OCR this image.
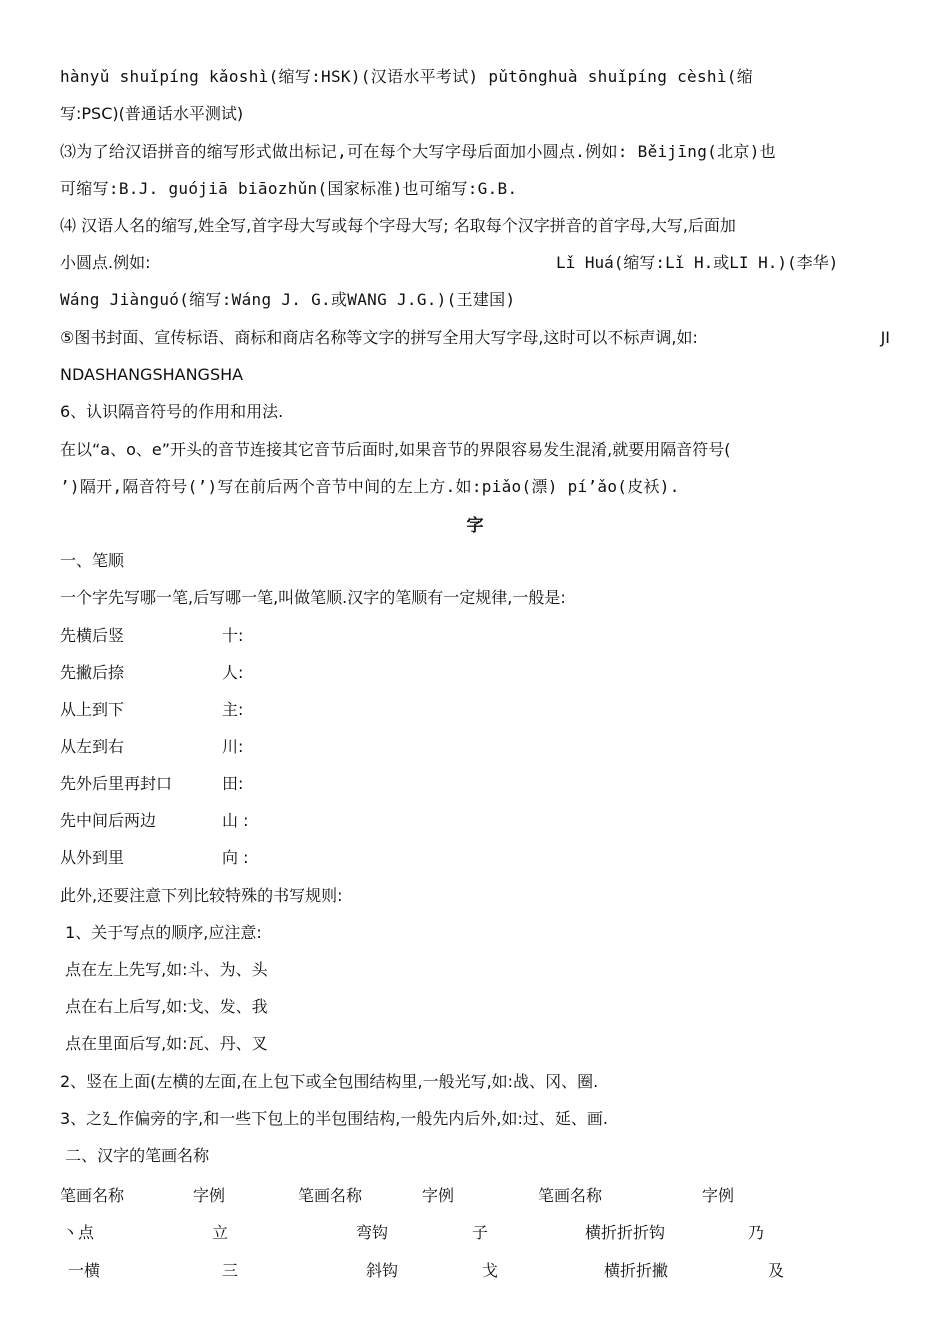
hànyǔ shuǐpíng kǎoshì(缩写:HSK)(汉语水平考试) pǔtōnghuà shuǐpíng cèshì(缩
写:PSC)(普通话水平测试)
⑶为了给汉语拼音的缩写形式做出标记,可在每个大写字母后面加小圆点.例如: Běijīng(北京)也
可缩写:B.J. guójiā biāozhǔn(国家标准)也可缩写:G.B.
⑷ 汉语人名的缩写,姓全写,首字母大写或每个字母大写; 名取每个汉字拼音的首字母,大写,后面加
小圆点.例如:	Lǐ Huá(缩写:Lǐ H.或LI H.)(李华)
Wáng Jiànguó(缩写:Wáng J. G.或WANG J.G.)(王建国)
⑤图书封面、宣传标语、商标和商店名称等文字的拼写全用大写字母,这时可以不标声调,如:	JI
NDASHANGSHANGSHA
6、认识隔音符号的作用和用法.
在以“a、o、e”开头的音节连接其它音节后面时,如果音节的界限容易发生混淆,就要用隔音符号(
’)隔开,隔音符号(’)写在前后两个音节中间的左上方.如:piǎo(漂) pí’ǎo(皮袄).
字
一、笔顺
一个字先写哪一笔,后写哪一笔,叫做笔顺.汉字的笔顺有一定规律,一般是:
先横后竖	十:
先撇后捺	人:
从上到下	主:
从左到右	川:
先外后里再封口	田:
先中间后两边	山 :
从外到里	向 :
此外,还要注意下列比较特殊的书写规则:
1、关于写点的顺序,应注意:
点在左上先写,如:斗、为、头
点在右上后写,如:戈、发、我
点在里面后写,如:瓦、丹、叉
2、竖在上面(左横的左面,在上包下或全包围结构里,一般光写,如:战、冈、圈.
3、之廴作偏旁的字,和一些下包上的半包围结构,一般先内后外,如:过、延、画.
二、汉字的笔画名称
笔画名称	字例	笔画名称	字例	笔画名称	字例
丶点	立	弯钩	子	横折折折钩	乃
一横	三	斜钩	戈	横折折撇	及
